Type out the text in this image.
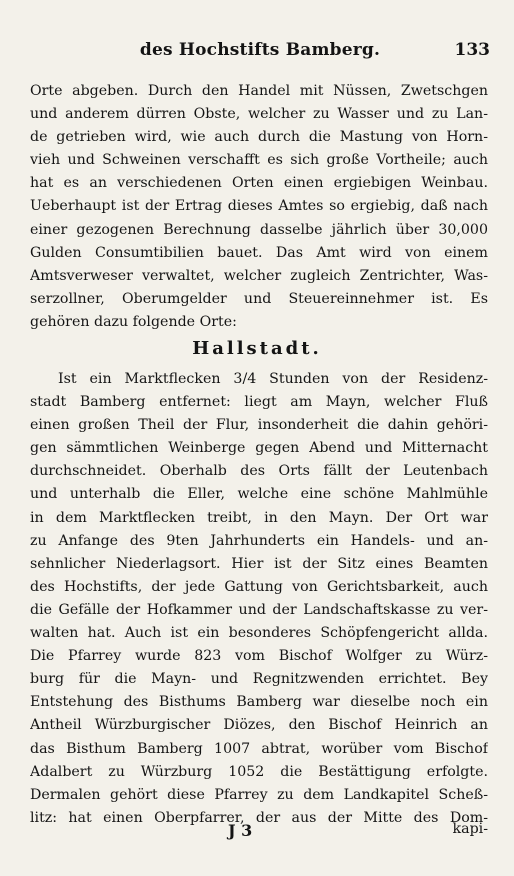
des Hochstifts Bamberg.	133
Orte abgeben. Durch den Handel mit Nüssen, Zwetschgen
und anderem dürren Obste, welcher zu Wasser und zu Lan-
de getrieben wird, wie auch durch die Mastung von Horn-
vieh und Schweinen verschafft es sich große Vortheile; auch
hat es an verschiedenen Orten einen ergiebigen Weinbau.
Ueberhaupt ist der Ertrag dieses Amtes so ergiebig, daß nach
einer gezogenen Berechnung dasselbe jährlich über 30,000
Gulden Consumtibilien bauet. Das Amt wird von einem
Amtsverweser verwaltet, welcher zugleich Zentrichter, Was-
serzollner, Oberumgelder und Steuereinnehmer ist. Es
gehören dazu folgende Orte:
Hallstadt.
Ist ein Marktflecken 3/4 Stunden von der Residenz-
stadt Bamberg entfernet: liegt am Mayn, welcher Fluß
einen großen Theil der Flur, insonderheit die dahin gehöri-
gen sämmtlichen Weinberge gegen Abend und Mitternacht
durchschneidet. Oberhalb des Orts fällt der Leutenbach
und unterhalb die Eller, welche eine schöne Mahlmühle
in dem Marktflecken treibt, in den Mayn. Der Ort war
zu Anfange des 9ten Jahrhunderts ein Handels- und an-
sehnlicher Niederlagsort. Hier ist der Sitz eines Beamten
des Hochstifts, der jede Gattung von Gerichtsbarkeit, auch
die Gefälle der Hofkammer und der Landschaftskasse zu ver-
walten hat. Auch ist ein besonderes Schöpfengericht allda.
Die Pfarrey wurde 823 vom Bischof Wolfger zu Würz-
burg für die Mayn- und Regnitzwenden errichtet. Bey
Entstehung des Bisthums Bamberg war dieselbe noch ein
Antheil Würzburgischer Diözes, den Bischof Heinrich an
das Bisthum Bamberg 1007 abtrat, worüber vom Bischof
Adalbert zu Würzburg 1052 die Bestättigung erfolgte.
Dermalen gehört diese Pfarrey zu dem Landkapitel Scheß-
litz: hat einen Oberpfarrer, der aus der Mitte des Dom-
J 3	kapi-
